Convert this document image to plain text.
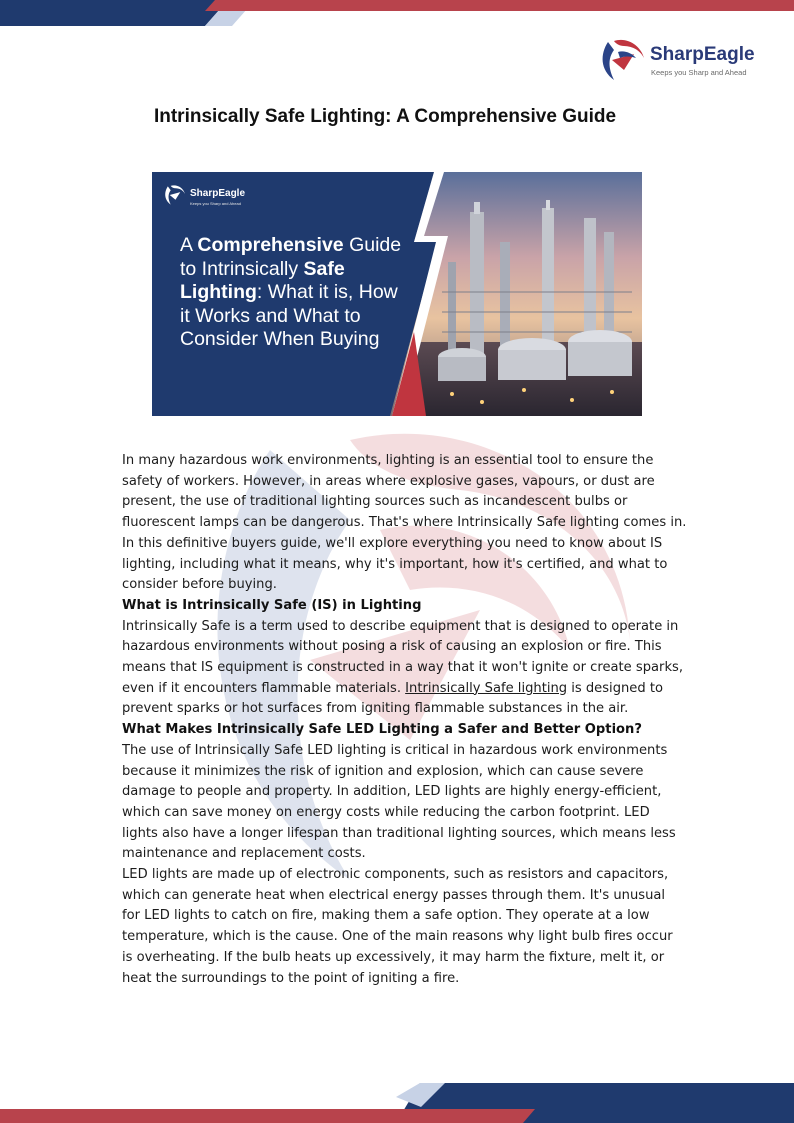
SharpEagle
Keeps you Sharp and Ahead
Intrinsically Safe Lighting: A Comprehensive Guide
SharpEagle
Keeps you Sharp and Ahead
A Comprehensive Guide to Intrinsically Safe Lighting: What it is, How it Works and What to Consider When Buying

In many hazardous work environments, lighting is an essential tool to ensure the safety of workers. However, in areas where explosive gases, vapours, or dust are present, the use of traditional lighting sources such as incandescent bulbs or fluorescent lamps can be dangerous. That's where Intrinsically Safe lighting comes in. In this definitive buyers guide, we'll explore everything you need to know about IS lighting, including what it means, why it's important, how it's certified, and what to consider before buying.

What is Intrinsically Safe (IS) in Lighting

Intrinsically Safe is a term used to describe equipment that is designed to operate in hazardous environments without posing a risk of causing an explosion or fire. This means that IS equipment is constructed in a way that it won't ignite or create sparks, even if it encounters flammable materials. Intrinsically Safe lighting is designed to prevent sparks or hot surfaces from igniting flammable substances in the air.

What Makes Intrinsically Safe LED Lighting a Safer and Better Option?

The use of Intrinsically Safe LED lighting is critical in hazardous work environments because it minimizes the risk of ignition and explosion, which can cause severe damage to people and property. In addition, LED lights are highly energy-efficient, which can save money on energy costs while reducing the carbon footprint. LED lights also have a longer lifespan than traditional lighting sources, which means less maintenance and replacement costs.

LED lights are made up of electronic components, such as resistors and capacitors, which can generate heat when electrical energy passes through them. It's unusual for LED lights to catch on fire, making them a safe option. They operate at a low temperature, which is the cause. One of the main reasons why light bulb fires occur is overheating. If the bulb heats up excessively, it may harm the fixture, melt it, or heat the surroundings to the point of igniting a fire.
